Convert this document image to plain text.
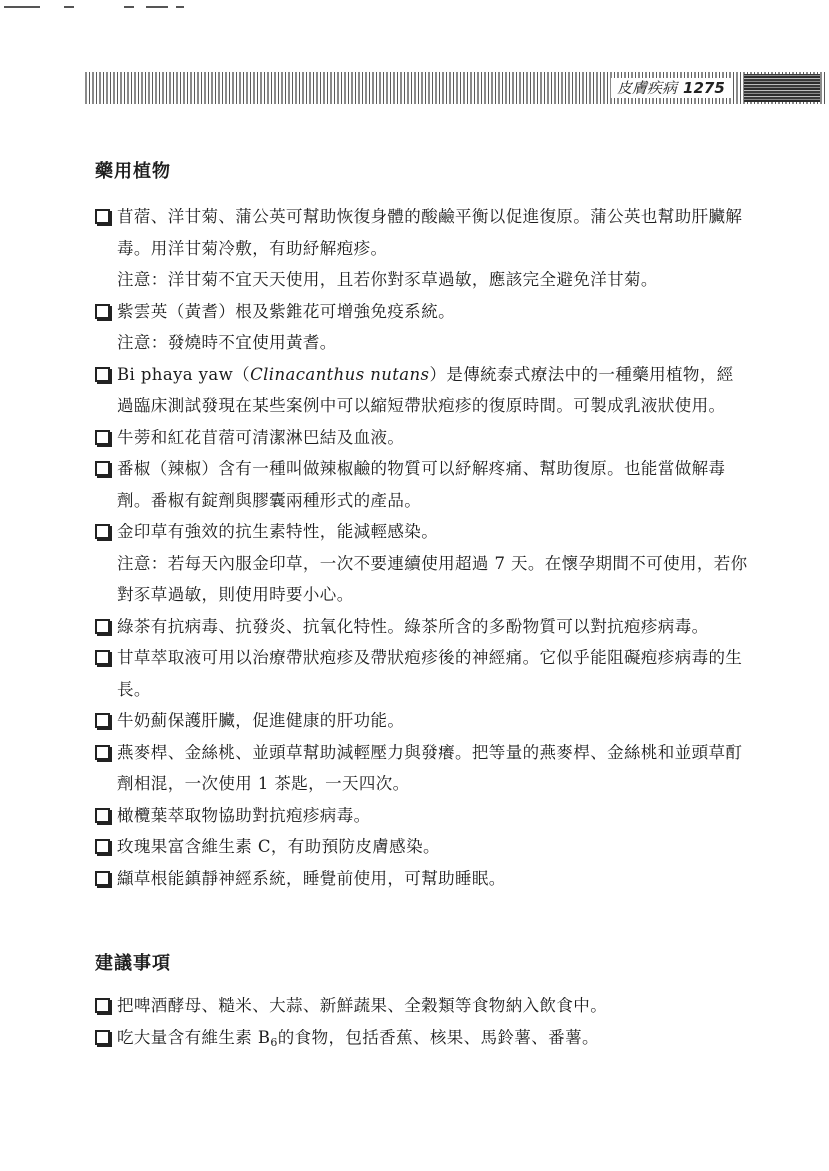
皮膚疾病 1275
藥用植物
苜蓿、洋甘菊、蒲公英可幫助恢復身體的酸鹼平衡以促進復原。蒲公英也幫助肝臟解毒。用洋甘菊冷敷，有助紓解疱疹。
注意：洋甘菊不宜天天使用，且若你對豕草過敏，應該完全避免洋甘菊。
紫雲英（黃耆）根及紫錐花可增強免疫系統。
注意：發燒時不宜使用黃耆。
Bi phaya yaw（Clinacanthus nutans）是傳統泰式療法中的一種藥用植物，經過臨床測試發現在某些案例中可以縮短帶狀疱疹的復原時間。可製成乳液狀使用。
牛蒡和紅花苜蓿可清潔淋巴結及血液。
番椒（辣椒）含有一種叫做辣椒鹼的物質可以紓解疼痛、幫助復原。也能當做解毒劑。番椒有錠劑與膠囊兩種形式的產品。
金印草有強效的抗生素特性，能減輕感染。
注意：若每天內服金印草，一次不要連續使用超過 7 天。在懷孕期間不可使用，若你對豕草過敏，則使用時要小心。
綠茶有抗病毒、抗發炎、抗氧化特性。綠茶所含的多酚物質可以對抗疱疹病毒。
甘草萃取液可用以治療帶狀疱疹及帶狀疱疹後的神經痛。它似乎能阻礙疱疹病毒的生長。
牛奶薊保護肝臟，促進健康的肝功能。
燕麥桿、金絲桃、並頭草幫助減輕壓力與發癢。把等量的燕麥桿、金絲桃和並頭草酊劑相混，一次使用 1 茶匙，一天四次。
橄欖葉萃取物協助對抗疱疹病毒。
玫瑰果富含維生素 C，有助預防皮膚感染。
纈草根能鎮靜神經系統，睡覺前使用，可幫助睡眠。
建議事項
把啤酒酵母、糙米、大蒜、新鮮蔬果、全穀類等食物納入飲食中。
吃大量含有維生素 $B_6$的食物，包括香蕉、核果、馬鈴薯、番薯。
